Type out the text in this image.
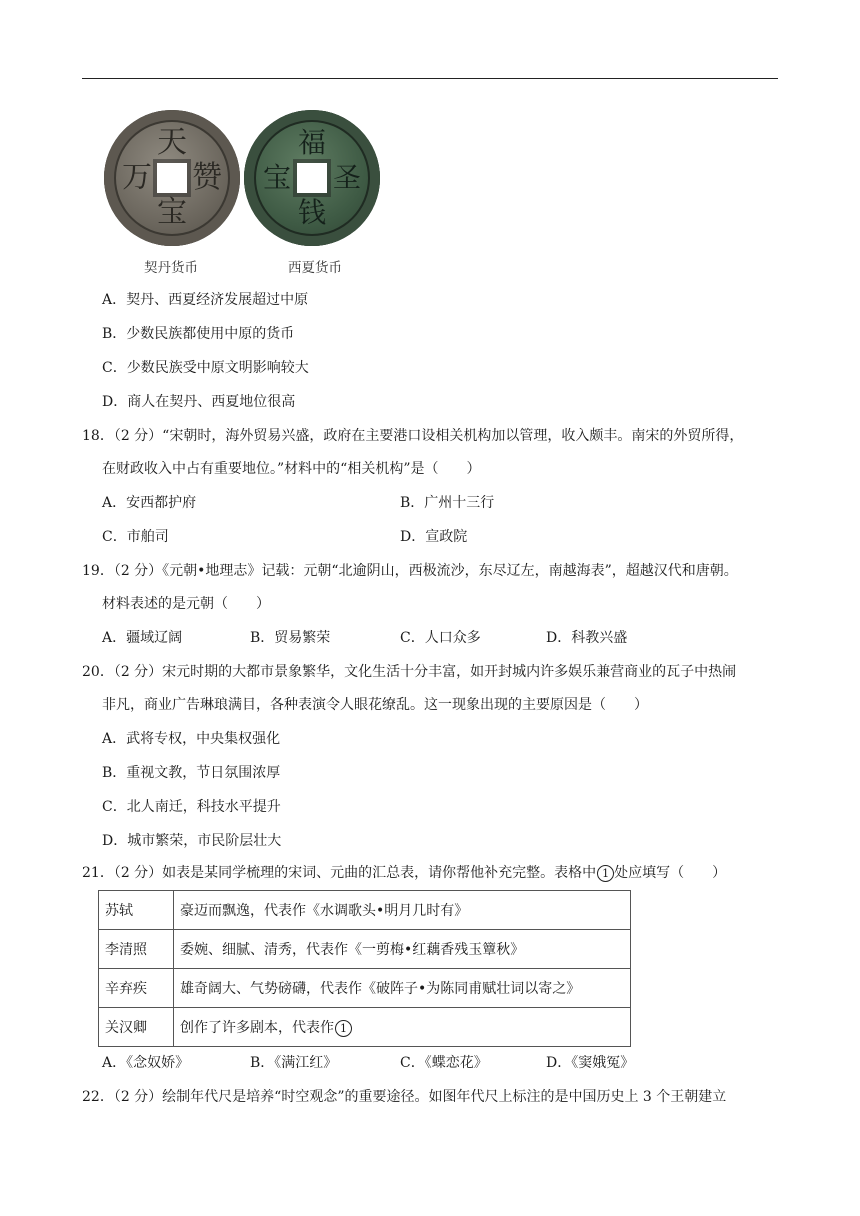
天
赞
万
宝
福
圣
宝
钱
契丹货币	西夏货币
A．契丹、西夏经济发展超过中原
B．少数民族都使用中原的货币
C．少数民族受中原文明影响较大
D．商人在契丹、西夏地位很高
18．（2 分）“宋朝时，海外贸易兴盛，政府在主要港口设相关机构加以管理，收入颇丰。南宋的外贸所得，
在财政收入中占有重要地位。”材料中的“相关机构”是（　　）
A．安西都护府	B．广州十三行
C．市舶司	D．宣政院
19．（2 分）《元朝•地理志》记载：元朝“北逾阴山，西极流沙，东尽辽左，南越海表”，超越汉代和唐朝。
材料表述的是元朝（　　）
A．疆域辽阔	B．贸易繁荣	C．人口众多	D．科教兴盛
20．（2 分）宋元时期的大都市景象繁华，文化生活十分丰富，如开封城内许多娱乐兼营商业的瓦子中热闹
非凡，商业广告琳琅满目，各种表演令人眼花缭乱。这一现象出现的主要原因是（　　）
A．武将专权，中央集权强化
B．重视文教，节日氛围浓厚
C．北人南迁，科技水平提升
D．城市繁荣，市民阶层壮大
21．（2 分）如表是某同学梳理的宋词、元曲的汇总表，请你帮他补充完整。表格中 1 处应填写（　　）
苏轼	豪迈而飘逸，代表作《水调歌头•明月几时有》
李清照	委婉、细腻、清秀，代表作《一剪梅•红藕香残玉簟秋》
辛弃疾	雄奇阔大、气势磅礴，代表作《破阵子•为陈同甫赋壮词以寄之》
关汉卿	创作了许多剧本，代表作 1
A．《念奴娇》	B．《满江红》	C．《蝶恋花》	D．《窦娥冤》
22．（2 分）绘制年代尺是培养“时空观念”的重要途径。如图年代尺上标注的是中国历史上 3 个王朝建立
